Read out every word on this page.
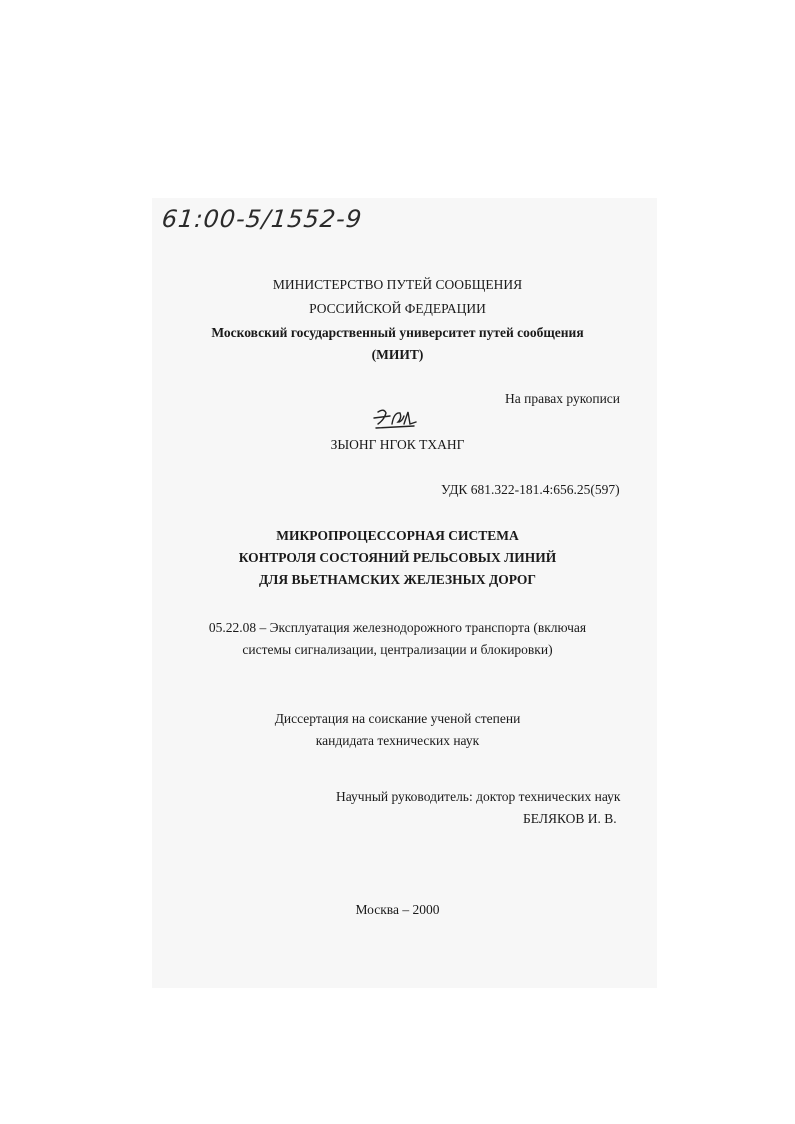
61:00-5/1552-9
МИНИСТЕРСТВО ПУТЕЙ СООБЩЕНИЯ
РОССИЙСКОЙ ФЕДЕРАЦИИ
Московский государственный университет путей сообщения
(МИИТ)
На правах рукописи
ЗЫОНГ НГОК ТХАНГ
УДК 681.322-181.4:656.25(597)
МИКРОПРОЦЕССОРНАЯ СИСТЕМА
КОНТРОЛЯ СОСТОЯНИЙ РЕЛЬСОВЫХ ЛИНИЙ
ДЛЯ ВЬЕТНАМСКИХ ЖЕЛЕЗНЫХ ДОРОГ
05.22.08 – Эксплуатация железнодорожного транспорта (включая
системы сигнализации, централизации и блокировки)
Диссертация на соискание ученой степени
кандидата технических наук
Научный руководитель: доктор технических наук
БЕЛЯКОВ И. В.
Москва – 2000
